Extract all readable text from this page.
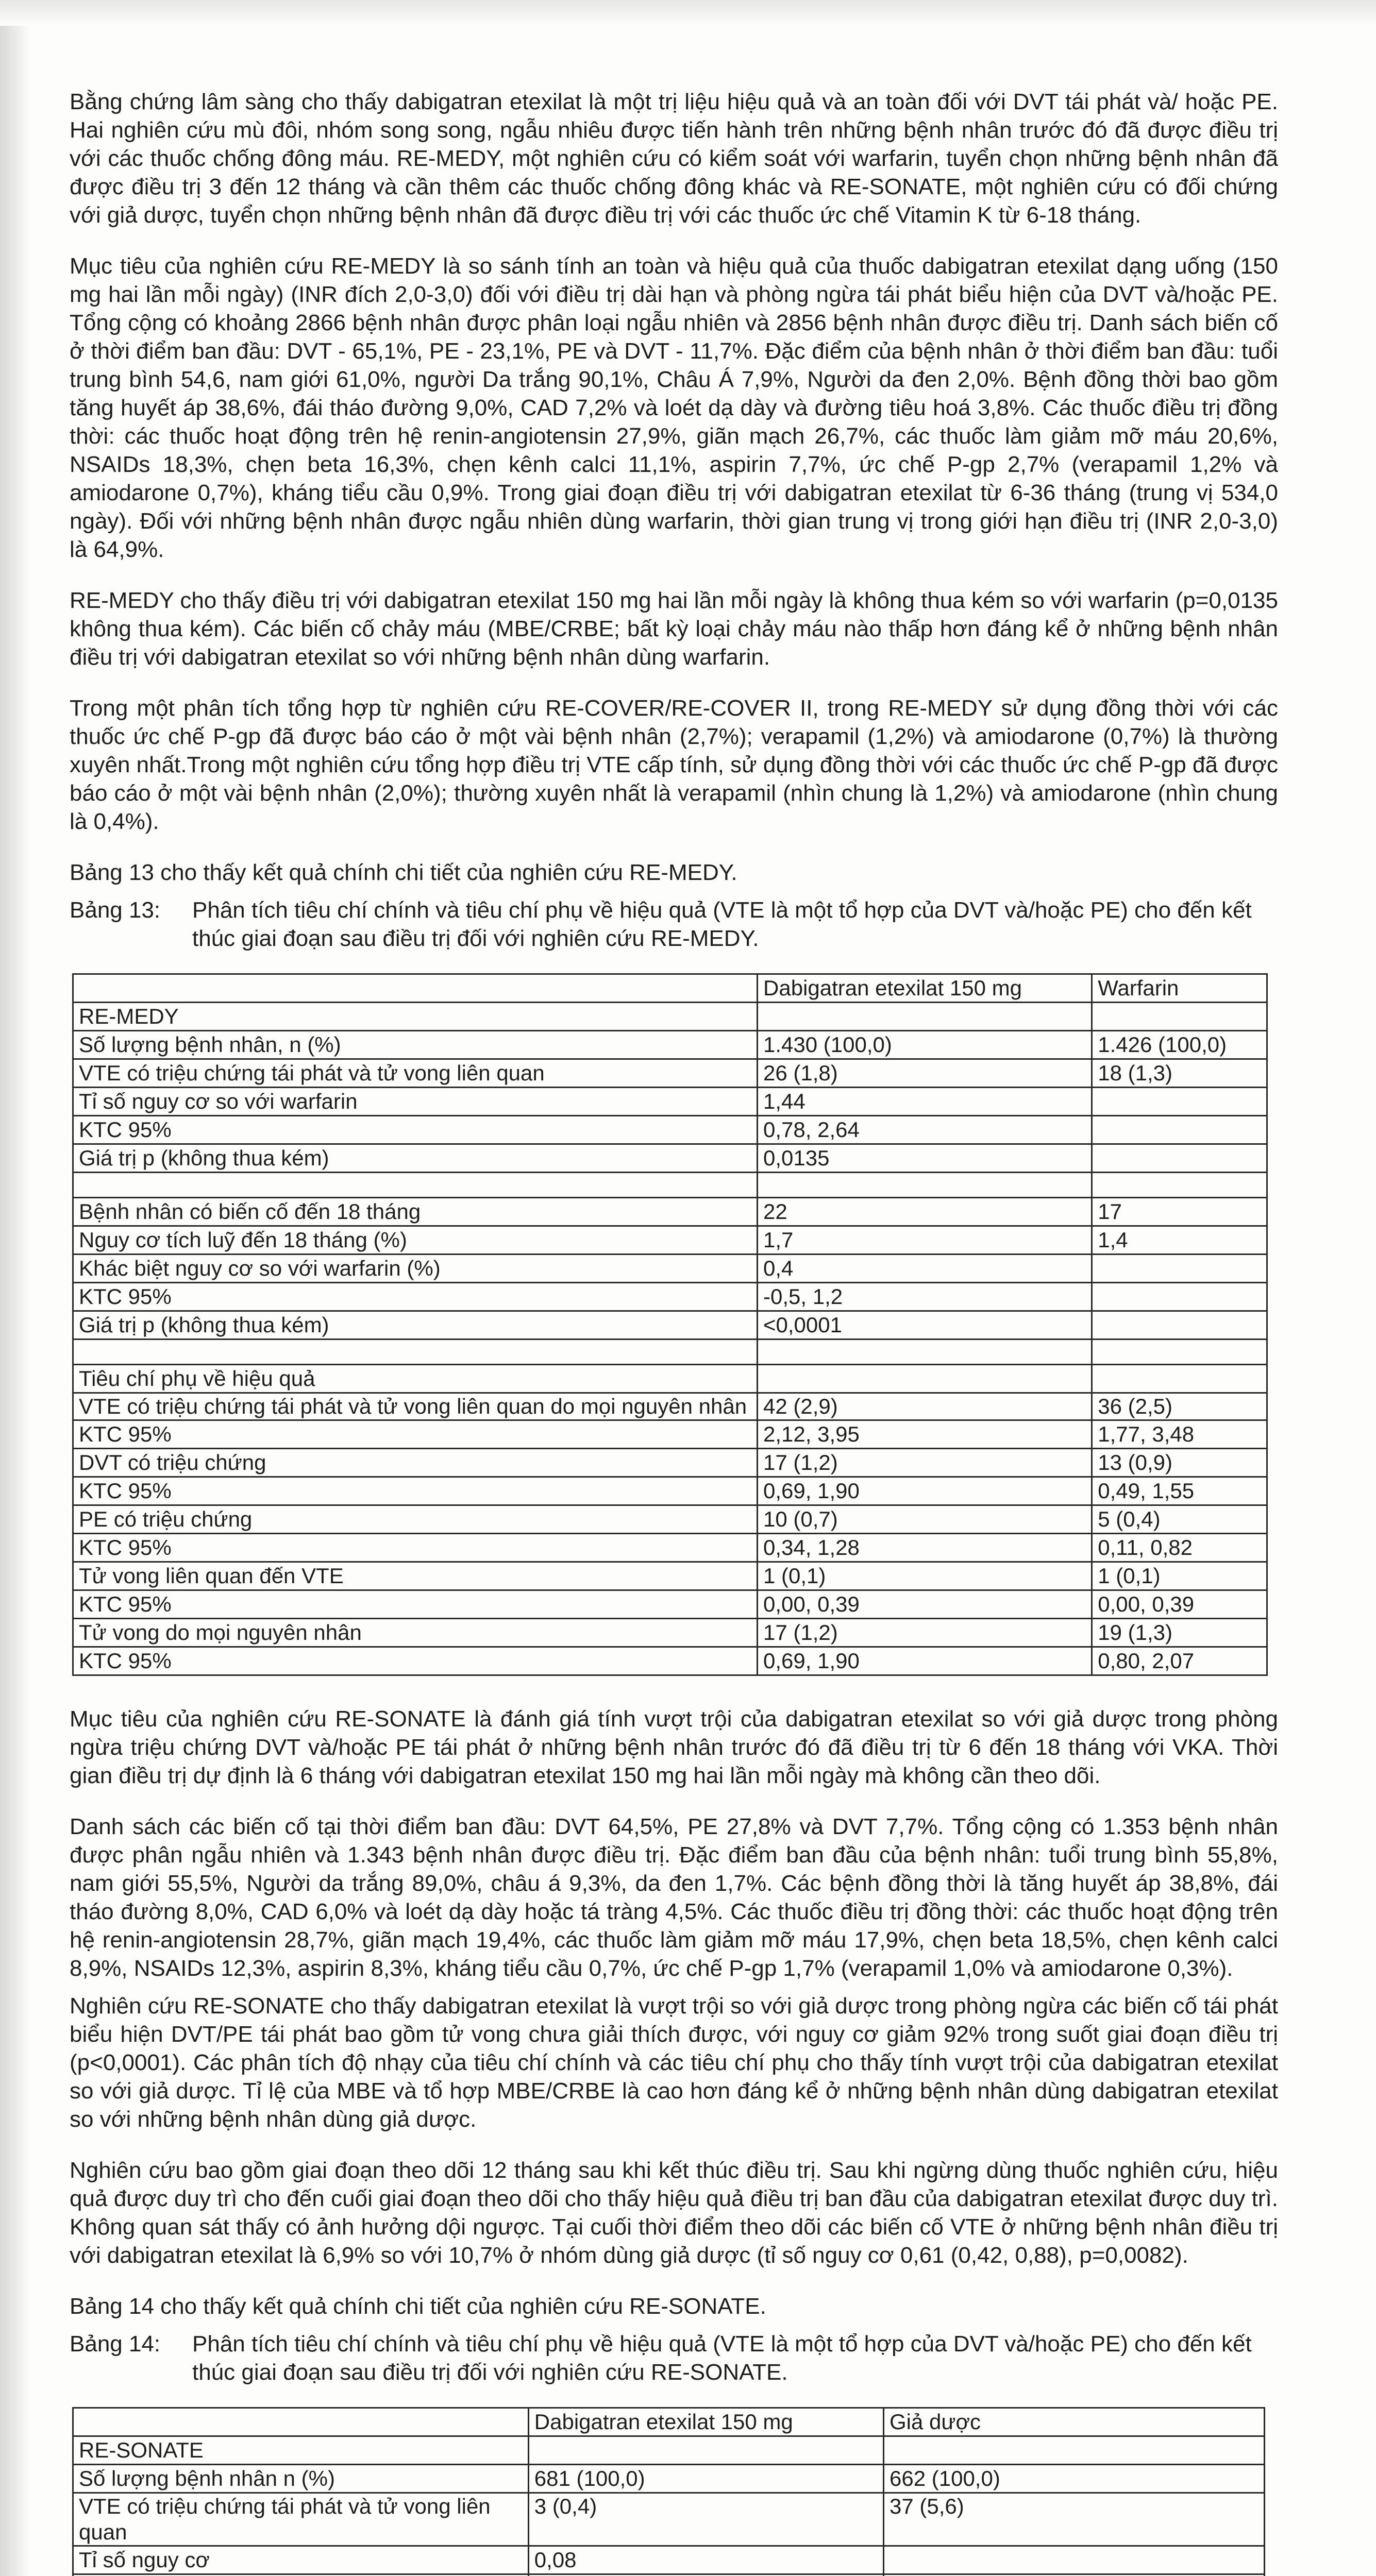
Bằng chứng lâm sàng cho thấy dabigatran etexilat là một trị liệu hiệu quả và an toàn đối với DVT tái phát và/ hoặc PE. Hai nghiên cứu mù đôi, nhóm song song, ngẫu nhiêu được tiến hành trên những bệnh nhân trước đó đã được điều trị với các thuốc chống đông máu. RE-MEDY, một nghiên cứu có kiểm soát với warfarin, tuyển chọn những bệnh nhân đã được điều trị 3 đến 12 tháng và cần thêm các thuốc chống đông khác và RE-SONATE, một nghiên cứu có đối chứng với giả dược, tuyển chọn những bệnh nhân đã được điều trị với các thuốc ức chế Vitamin K từ 6-18 tháng.

Mục tiêu của nghiên cứu RE-MEDY là so sánh tính an toàn và hiệu quả của thuốc dabigatran etexilat dạng uống (150 mg hai lần mỗi ngày) (INR đích 2,0-3,0) đối với điều trị dài hạn và phòng ngừa tái phát biểu hiện của DVT và/hoặc PE. Tổng cộng có khoảng 2866 bệnh nhân được phân loại ngẫu nhiên và 2856 bệnh nhân được điều trị. Danh sách biến cố ở thời điểm ban đầu: DVT - 65,1%, PE - 23,1%, PE và DVT - 11,7%. Đặc điểm của bệnh nhân ở thời điểm ban đầu: tuổi trung bình 54,6, nam giới 61,0%, người Da trắng 90,1%, Châu Á 7,9%, Người da đen 2,0%. Bệnh đồng thời bao gồm tăng huyết áp 38,6%, đái tháo đường 9,0%, CAD 7,2% và loét dạ dày và đường tiêu hoá 3,8%. Các thuốc điều trị đồng thời: các thuốc hoạt động trên hệ renin-angiotensin 27,9%, giãn mạch 26,7%, các thuốc làm giảm mỡ máu 20,6%, NSAIDs 18,3%, chẹn beta 16,3%, chẹn kênh calci 11,1%, aspirin 7,7%, ức chế P-gp 2,7% (verapamil 1,2% và amiodarone 0,7%), kháng tiểu cầu 0,9%. Trong giai đoạn điều trị với dabigatran etexilat từ 6-36 tháng (trung vị 534,0 ngày). Đối với những bệnh nhân được ngẫu nhiên dùng warfarin, thời gian trung vị trong giới hạn điều trị (INR 2,0-3,0) là 64,9%.

RE-MEDY cho thấy điều trị với dabigatran etexilat 150 mg hai lần mỗi ngày là không thua kém so với warfarin (p=0,0135 không thua kém). Các biến cố chảy máu (MBE/CRBE; bất kỳ loại chảy máu nào thấp hơn đáng kể ở những bệnh nhân điều trị với dabigatran etexilat so với những bệnh nhân dùng warfarin.

Trong một phân tích tổng hợp từ nghiên cứu RE-COVER/RE-COVER II, trong RE-MEDY sử dụng đồng thời với các thuốc ức chế P-gp đã được báo cáo ở một vài bệnh nhân (2,7%); verapamil (1,2%) và amiodarone (0,7%) là thường xuyên nhất.Trong một nghiên cứu tổng hợp điều trị VTE cấp tính, sử dụng đồng thời với các thuốc ức chế P-gp đã được báo cáo ở một vài bệnh nhân (2,0%); thường xuyên nhất là verapamil (nhìn chung là 1,2%) và amiodarone (nhìn chung là 0,4%).

Bảng 13 cho thấy kết quả chính chi tiết của nghiên cứu RE-MEDY.

Bảng 13:	Phân tích tiêu chí chính và tiêu chí phụ về hiệu quả (VTE là một tổ hợp của DVT và/hoặc PE) cho đến kết thúc giai đoạn sau điều trị đối với nghiên cứu RE-MEDY.
	Dabigatran etexilat 150 mg	Warfarin
RE-MEDY		
Số lượng bệnh nhân, n (%)	1.430 (100,0)	1.426 (100,0)
VTE có triệu chứng tái phát và tử vong liên quan	26 (1,8)	18 (1,3)
Tỉ số nguy cơ so với warfarin	1,44	
KTC 95%	0,78, 2,64	
Giá trị p (không thua kém)	0,0135	

Bệnh nhân có biến cố đến 18 tháng	22	17
Nguy cơ tích luỹ đến 18 tháng (%)	1,7	1,4
Khác biệt nguy cơ so với warfarin (%)	0,4	
KTC 95%	-0,5, 1,2	
Giá trị p (không thua kém)	<0,0001	

Tiêu chí phụ về hiệu quả		
VTE có triệu chứng tái phát và tử vong liên quan do mọi nguyên nhân	42 (2,9)	36 (2,5)
KTC 95%	2,12, 3,95	1,77, 3,48
DVT có triệu chứng	17 (1,2)	13 (0,9)
KTC 95%	0,69, 1,90	0,49, 1,55
PE có triệu chứng	10 (0,7)	5 (0,4)
KTC 95%	0,34, 1,28	0,11, 0,82
Tử vong liên quan đến VTE	1 (0,1)	1 (0,1)
KTC 95%	0,00, 0,39	0,00, 0,39
Tử vong do mọi nguyên nhân	17 (1,2)	19 (1,3)
KTC 95%	0,69, 1,90	0,80, 2,07

Mục tiêu của nghiên cứu RE-SONATE là đánh giá tính vượt trội của dabigatran etexilat so với giả dược trong phòng ngừa triệu chứng DVT và/hoặc PE tái phát ở những bệnh nhân trước đó đã điều trị từ 6 đến 18 tháng với VKA. Thời gian điều trị dự định là 6 tháng với dabigatran etexilat 150 mg hai lần mỗi ngày mà không cần theo dõi.

Danh sách các biến cố tại thời điểm ban đầu: DVT 64,5%, PE 27,8% và DVT 7,7%. Tổng cộng có 1.353 bệnh nhân được phân ngẫu nhiên và 1.343 bệnh nhân được điều trị. Đặc điểm ban đầu của bệnh nhân: tuổi trung bình 55,8%, nam giới 55,5%, Người da trắng 89,0%, châu á 9,3%, da đen 1,7%. Các bệnh đồng thời là tăng huyết áp 38,8%, đái tháo đường 8,0%, CAD 6,0% và loét dạ dày hoặc tá tràng 4,5%. Các thuốc điều trị đồng thời: các thuốc hoạt động trên hệ renin-angiotensin 28,7%, giãn mạch 19,4%, các thuốc làm giảm mỡ máu 17,9%, chẹn beta 18,5%, chẹn kênh calci 8,9%, NSAIDs 12,3%, aspirin 8,3%, kháng tiểu cầu 0,7%, ức chế P-gp 1,7% (verapamil 1,0% và amiodarone 0,3%).

Nghiên cứu RE-SONATE cho thấy dabigatran etexilat là vượt trội so với giả dược trong phòng ngừa các biến cố tái phát biểu hiện DVT/PE tái phát bao gồm tử vong chưa giải thích được, với nguy cơ giảm 92% trong suốt giai đoạn điều trị (p<0,0001). Các phân tích độ nhạy của tiêu chí chính và các tiêu chí phụ cho thấy tính vượt trội của dabigatran etexilat so với giả dược. Tỉ lệ của MBE và tổ hợp MBE/CRBE là cao hơn đáng kể ở những bệnh nhân dùng dabigatran etexilat so với những bệnh nhân dùng giả dược.

Nghiên cứu bao gồm giai đoạn theo dõi 12 tháng sau khi kết thúc điều trị. Sau khi ngừng dùng thuốc nghiên cứu, hiệu quả được duy trì cho đến cuối giai đoạn theo dõi cho thấy hiệu quả điều trị ban đầu của dabigatran etexilat được duy trì. Không quan sát thấy có ảnh hưởng dội ngược. Tại cuối thời điểm theo dõi các biến cố VTE ở những bệnh nhân điều trị với dabigatran etexilat là 6,9% so với 10,7% ở nhóm dùng giả dược (tỉ số nguy cơ 0,61 (0,42, 0,88), p=0,0082).

Bảng 14 cho thấy kết quả chính chi tiết của nghiên cứu RE-SONATE.

Bảng 14:	Phân tích tiêu chí chính và tiêu chí phụ về hiệu quả (VTE là một tổ hợp của DVT và/hoặc PE) cho đến kết thúc giai đoạn sau điều trị đối với nghiên cứu RE-SONATE.
	Dabigatran etexilat 150 mg	Giả dược
RE-SONATE		
Số lượng bệnh nhân n (%)	681 (100,0)	662 (100,0)
VTE có triệu chứng tái phát và tử vong liên quan	3 (0,4)	37 (5,6)
Tỉ số nguy cơ	0,08	
